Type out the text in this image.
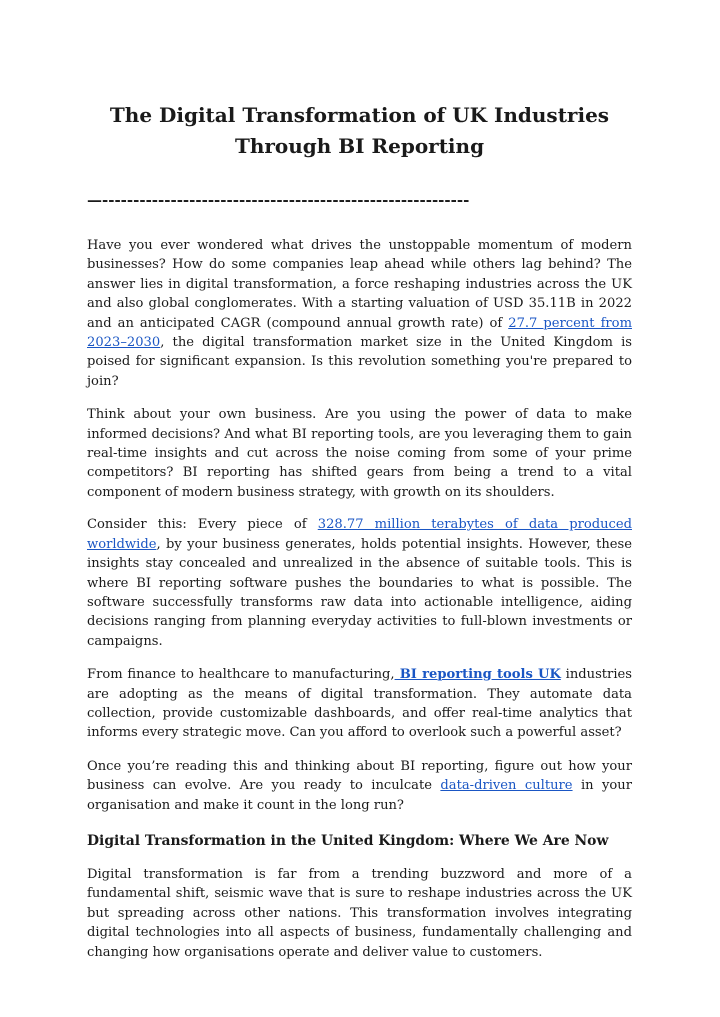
The Digital Transformation of UK Industries
Through BI Reporting
—-----------------------------------------------------------

Have you ever wondered what drives the unstoppable momentum of modern businesses? How do some companies leap ahead while others lag behind? The answer lies in digital transformation, a force reshaping industries across the UK and also global conglomerates. With a starting valuation of USD 35.11B in 2022 and an anticipated CAGR (compound annual growth rate) of 27.7 percent from 2023–2030, the digital transformation market size in the United Kingdom is poised for significant expansion. Is this revolution something you're prepared to join?

Think about your own business. Are you using the power of data to make informed decisions? And what BI reporting tools, are you leveraging them to gain real-time insights and cut across the noise coming from some of your prime competitors? BI reporting has shifted gears from being a trend to a vital component of modern business strategy, with growth on its shoulders.

Consider this: Every piece of 328.77 million terabytes of data produced worldwide, by your business generates, holds potential insights. However, these insights stay concealed and unrealized in the absence of suitable tools. This is where BI reporting software pushes the boundaries to what is possible. The software successfully transforms raw data into actionable intelligence, aiding decisions ranging from planning everyday activities to full-blown investments or campaigns.

From finance to healthcare to manufacturing, BI reporting tools UK industries are adopting as the means of digital transformation. They automate data collection, provide customizable dashboards, and offer real-time analytics that informs every strategic move. Can you afford to overlook such a powerful asset?

Once you’re reading this and thinking about BI reporting, figure out how your business can evolve. Are you ready to inculcate data-driven culture in your organisation and make it count in the long run?

Digital Transformation in the United Kingdom: Where We Are Now

Digital transformation is far from a trending buzzword and more of a fundamental shift, seismic wave that is sure to reshape industries across the UK but spreading across other nations. This transformation involves integrating digital technologies into all aspects of business, fundamentally challenging and changing how organisations operate and deliver value to customers.
